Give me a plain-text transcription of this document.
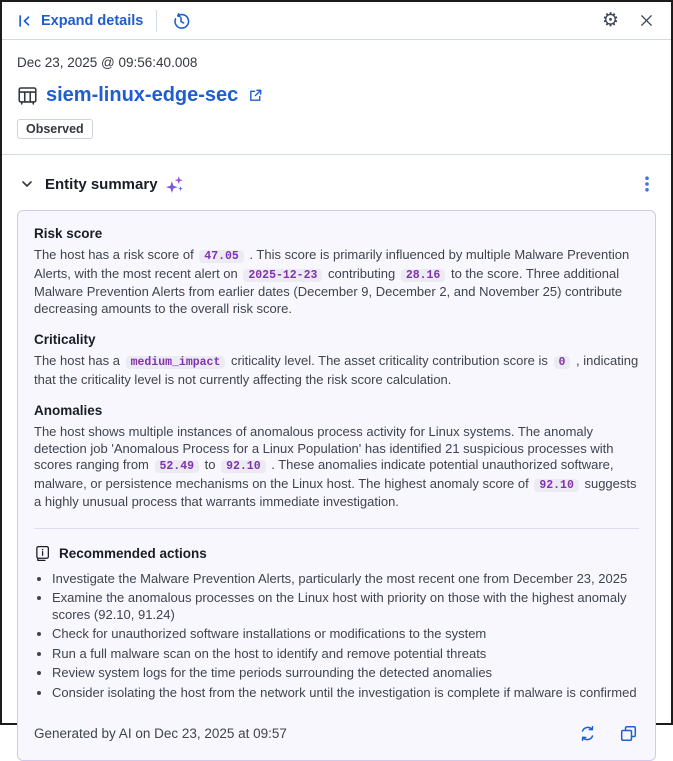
Expand details	⚙
Dec 23, 2025 @ 09:56:40.008
siem-linux-edge-sec
Observed
Entity summary
Risk score

The host has a risk score of 47.05 . This score is primarily influenced by multiple Malware Prevention Alerts, with the most recent alert on 2025-12-23 contributing 28.16 to the score. Three additional Malware Prevention Alerts from earlier dates (December 9, December 2, and November 25) contribute decreasing amounts to the overall risk score.

Criticality

The host has a medium_impact criticality level. The asset criticality contribution score is 0 , indicating that the criticality level is not currently affecting the risk score calculation.

Anomalies

The host shows multiple instances of anomalous process activity for Linux systems. The anomaly detection job 'Anomalous Process for a Linux Population' has identified 21 suspicious processes with scores ranging from 52.49 to 92.10 . These anomalies indicate potential unauthorized software, malware, or persistence mechanisms on the Linux host. The highest anomaly score of 92.10 suggests a highly unusual process that warrants immediate investigation.

Recommended actions
• Investigate the Malware Prevention Alerts, particularly the most recent one from December 23, 2025
• Examine the anomalous processes on the Linux host with priority on those with the highest anomaly scores (92.10, 91.24)
• Check for unauthorized software installations or modifications to the system
• Run a full malware scan on the host to identify and remove potential threats
• Review system logs for the time periods surrounding the detected anomalies
• Consider isolating the host from the network until the investigation is complete if malware is confirmed
Generated by AI on Dec 23, 2025 at 09:57
